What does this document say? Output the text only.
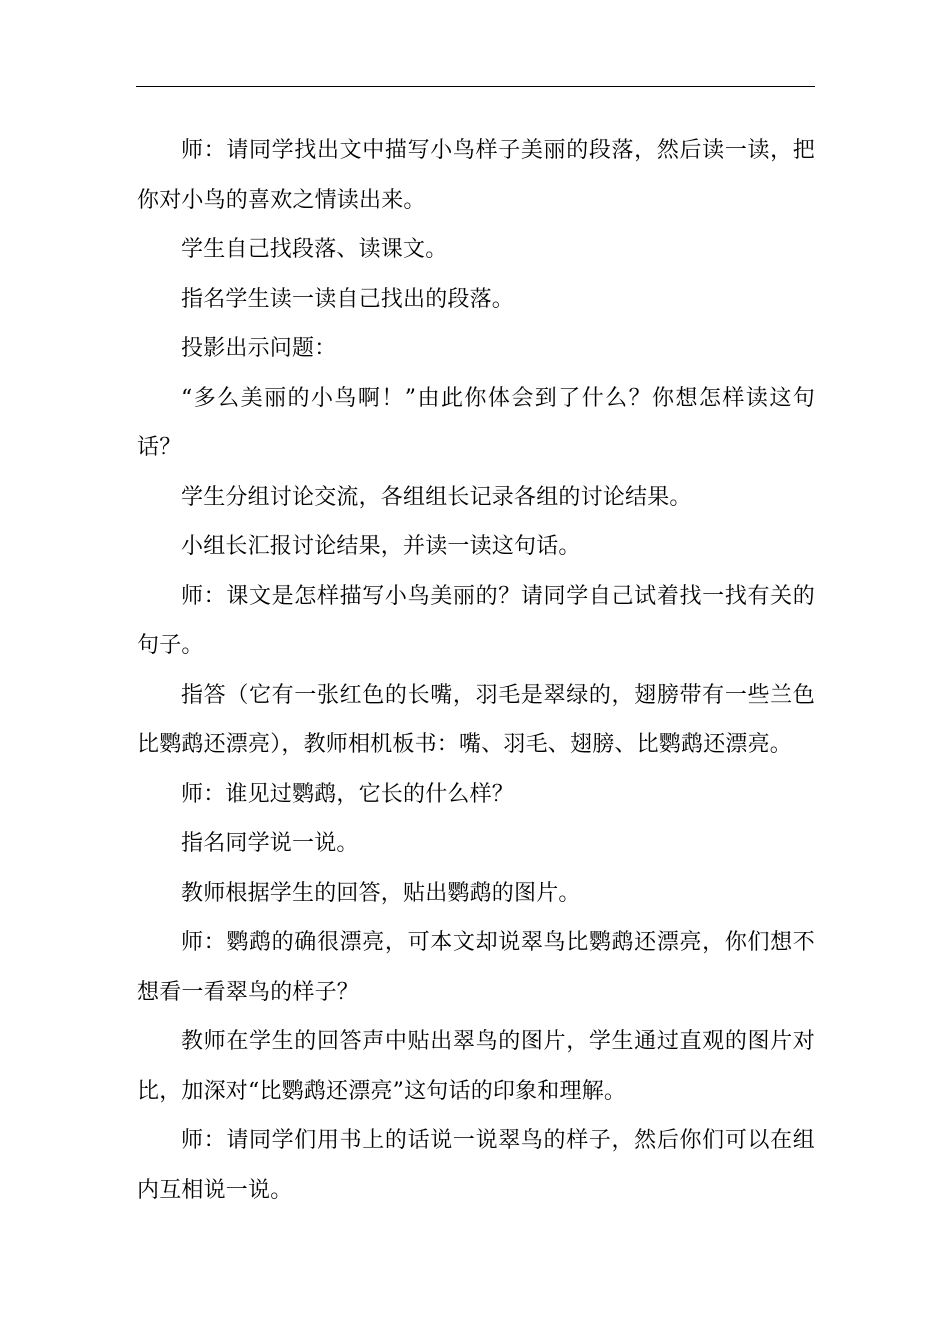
师：请同学找出文中描写小鸟样子美丽的段落，然后读一读，把你对小鸟的喜欢之情读出来。

学生自己找段落、读课文。

指名学生读一读自己找出的段落。

投影出示问题：

“多么美丽的小鸟啊！”由此你体会到了什么？你想怎样读这句话？

学生分组讨论交流，各组组长记录各组的讨论结果。

小组长汇报讨论结果，并读一读这句话。

师：课文是怎样描写小鸟美丽的？请同学自己试着找一找有关的句子。

指答（它有一张红色的长嘴，羽毛是翠绿的，翅膀带有一些兰色比鹦鹉还漂亮），教师相机板书：嘴、羽毛、翅膀、比鹦鹉还漂亮。

师：谁见过鹦鹉，它长的什么样？

指名同学说一说。

教师根据学生的回答，贴出鹦鹉的图片。

师：鹦鹉的确很漂亮，可本文却说翠鸟比鹦鹉还漂亮，你们想不想看一看翠鸟的样子？

教师在学生的回答声中贴出翠鸟的图片，学生通过直观的图片对比，加深对“比鹦鹉还漂亮”这句话的印象和理解。

师：请同学们用书上的话说一说翠鸟的样子，然后你们可以在组内互相说一说。
